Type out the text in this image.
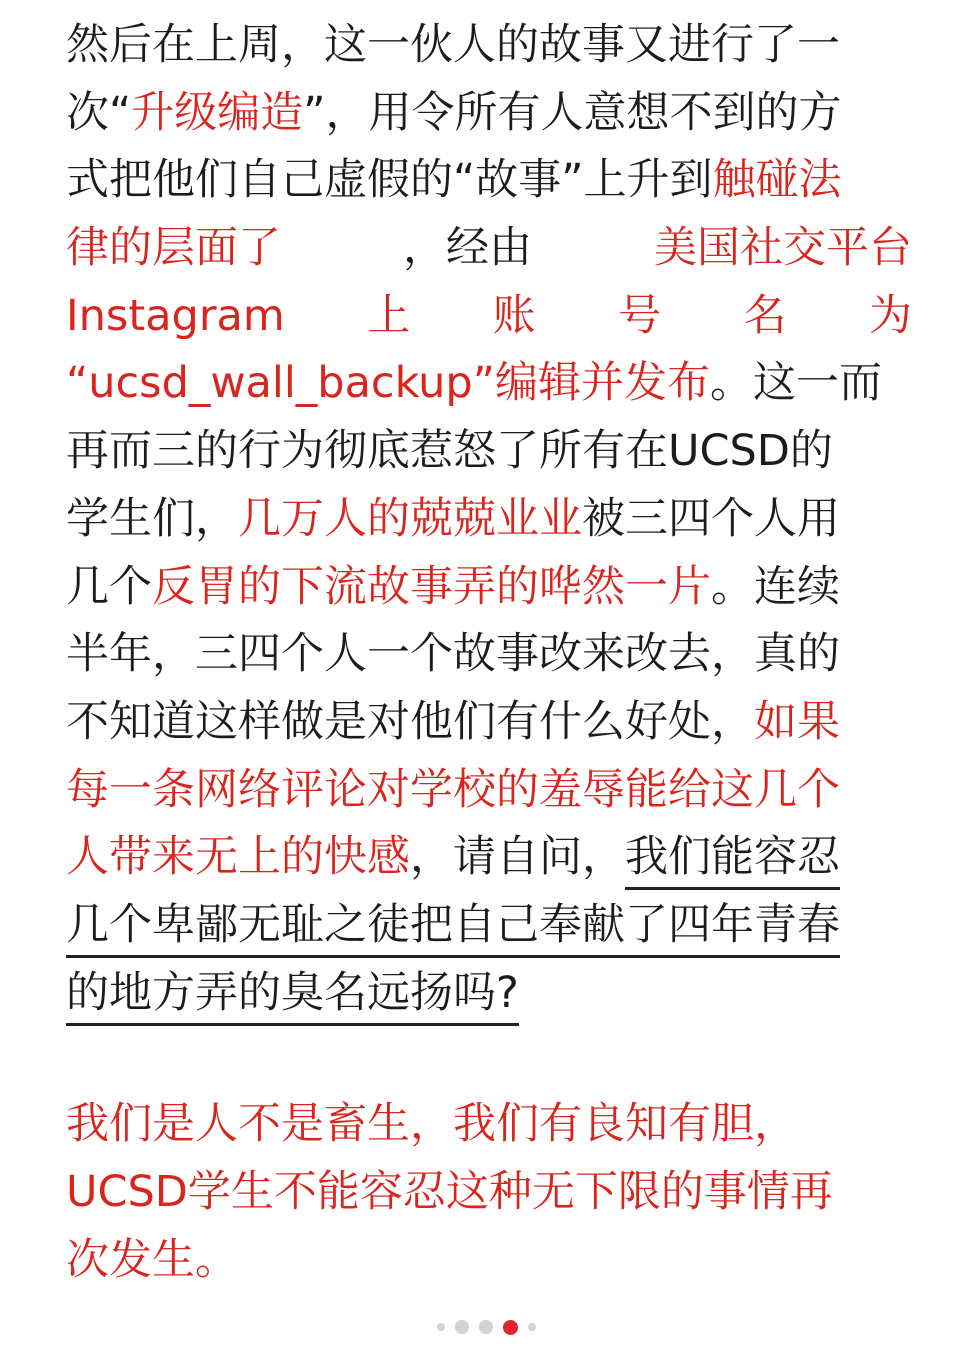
然后在上周，这一伙人的故事又进行了一
次“升级编造”，用令所有人意想不到的方
式把他们自己虚假的“故事”上升到触碰法
律的层面了	，经由	美国社交平台
Instagram 上 账 号 名 为
“ucsd_wall_backup”编辑并发布。这一而
再而三的行为彻底惹怒了所有在UCSD的
学生们，几万人的兢兢业业被三四个人用
几个反胃的下流故事弄的哗然一片。连续
半年，三四个人一个故事改来改去，真的
不知道这样做是对他们有什么好处，如果
每一条网络评论对学校的羞辱能给这几个
人带来无上的快感，请自问，我们能容忍
几个卑鄙无耻之徒把自己奉献了四年青春
的地方弄的臭名远扬吗?
我们是人不是畜生，我们有良知有胆，
UCSD学生不能容忍这种无下限的事情再
次发生。
